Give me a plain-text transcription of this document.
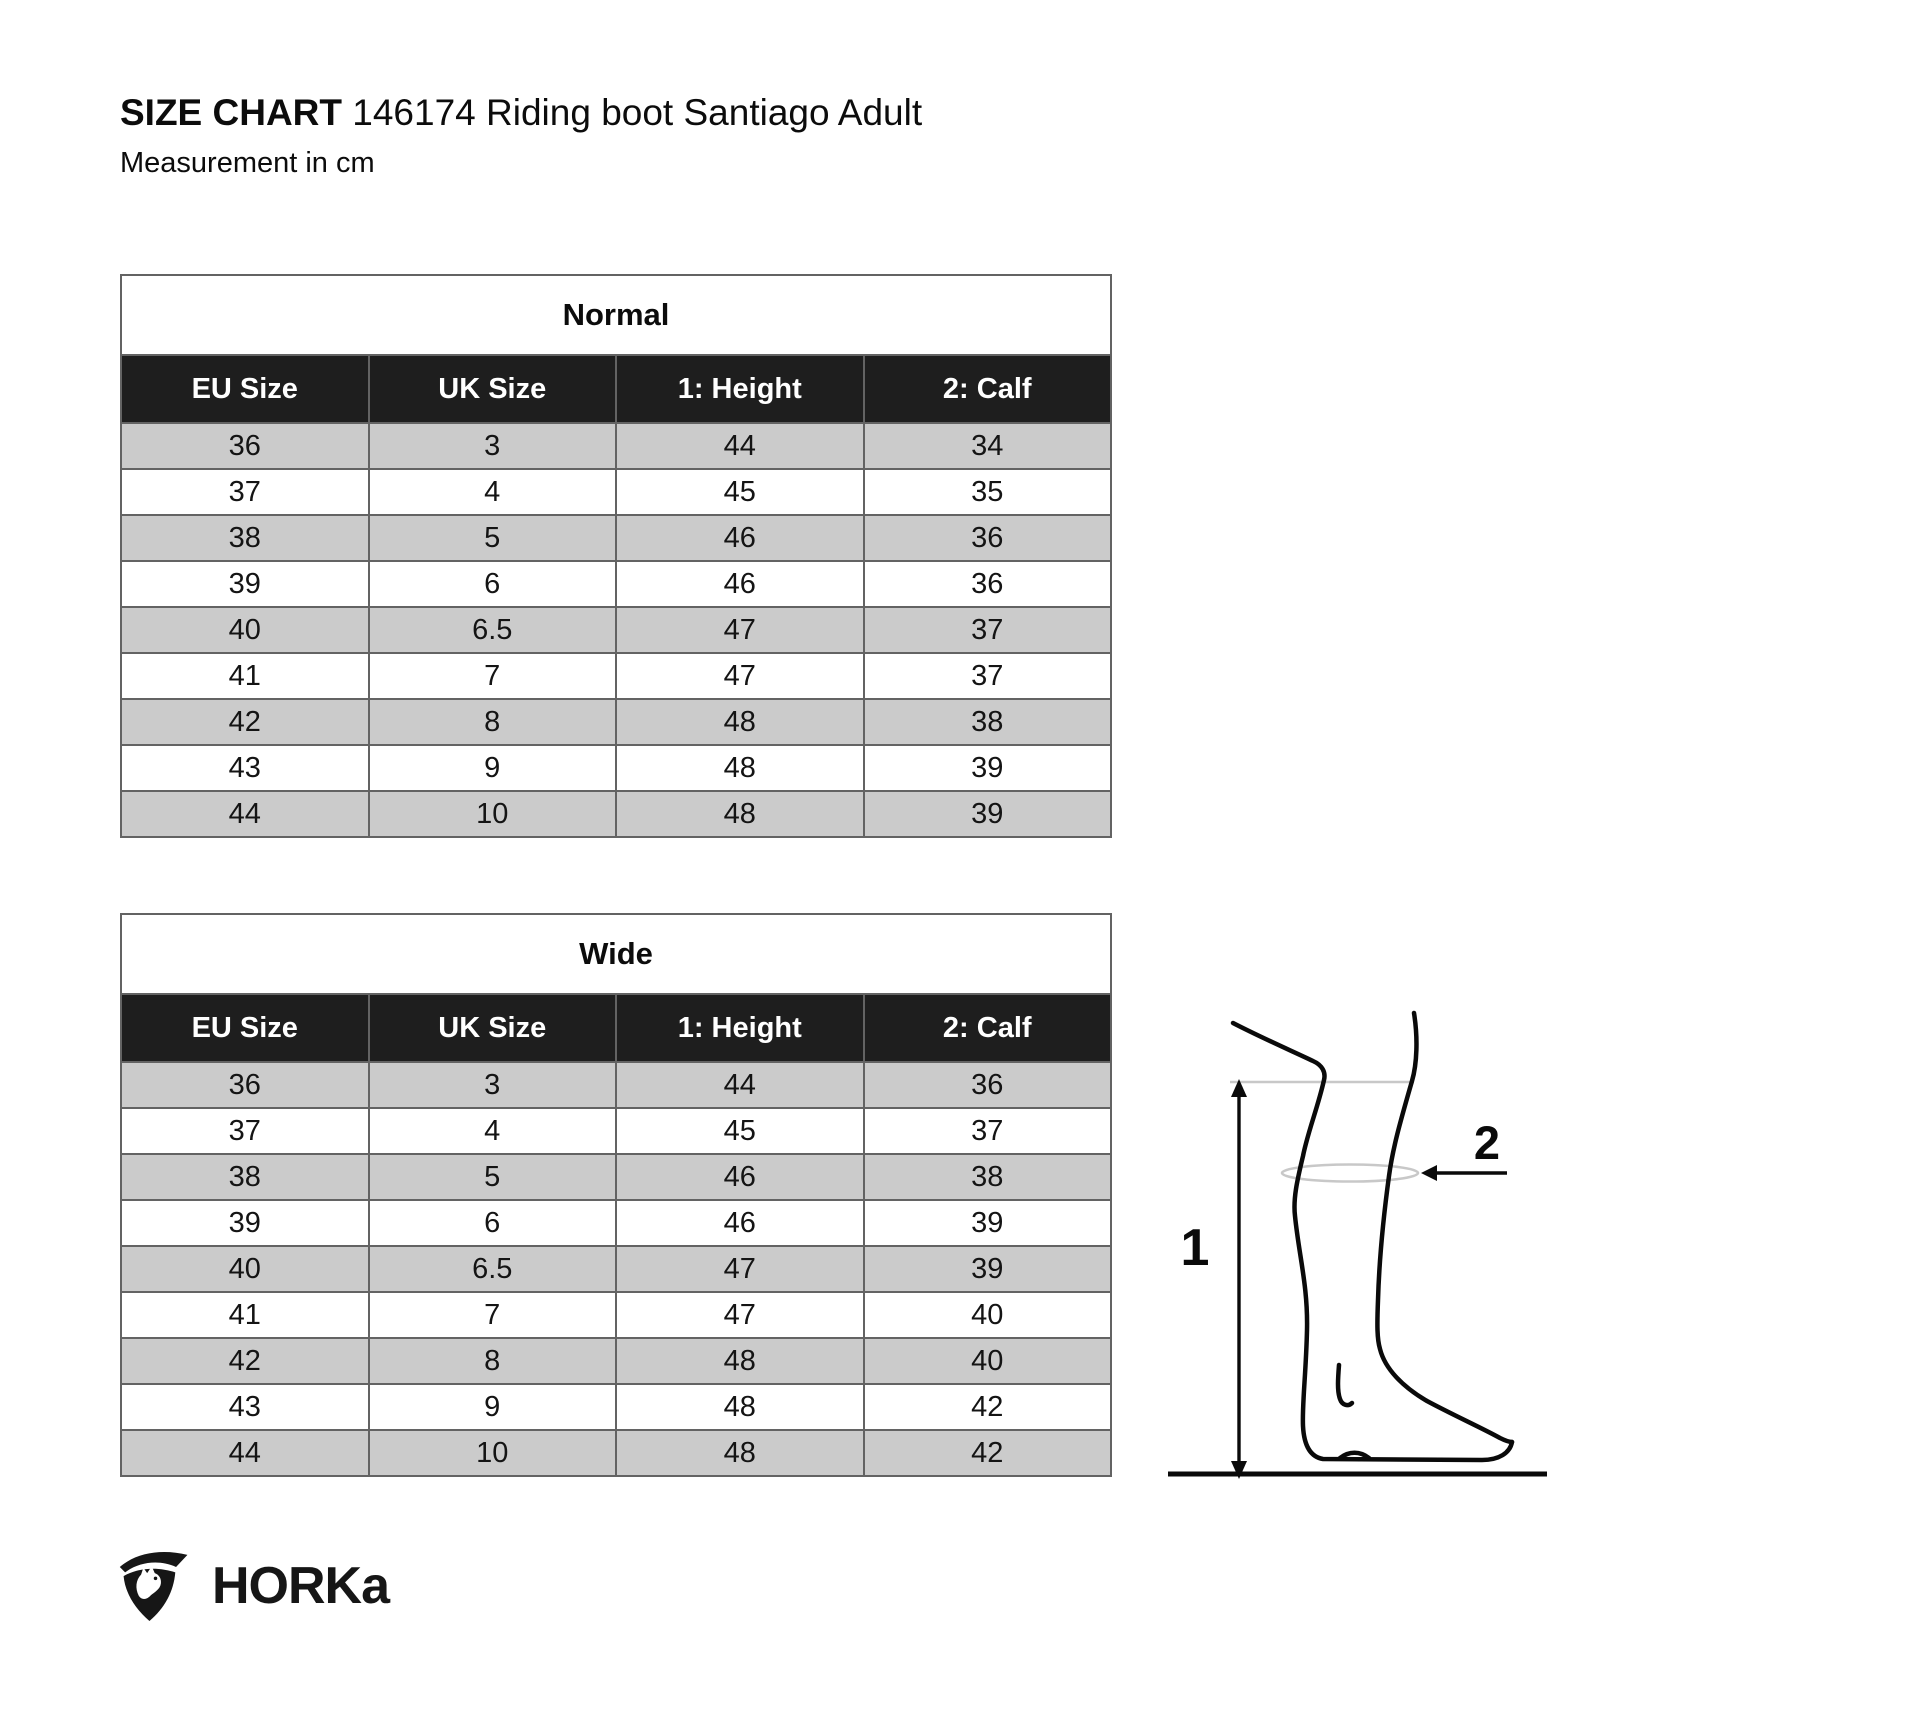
SIZE CHART 146174 Riding boot Santiago Adult
Measurement in cm
Normal			
EU Size	UK Size	1: Height	2: Calf
36	3	44	34
37	4	45	35
38	5	46	36
39	6	46	36
40	6.5	47	37
41	7	47	37
42	8	48	38
43	9	48	39
44	10	48	39
Wide			
EU Size	UK Size	1: Height	2: Calf
36	3	44	36
37	4	45	37
38	5	46	38
39	6	46	39
40	6.5	47	39
41	7	47	40
42	8	48	40
43	9	48	42
44	10	48	42
1
2
HORKa
